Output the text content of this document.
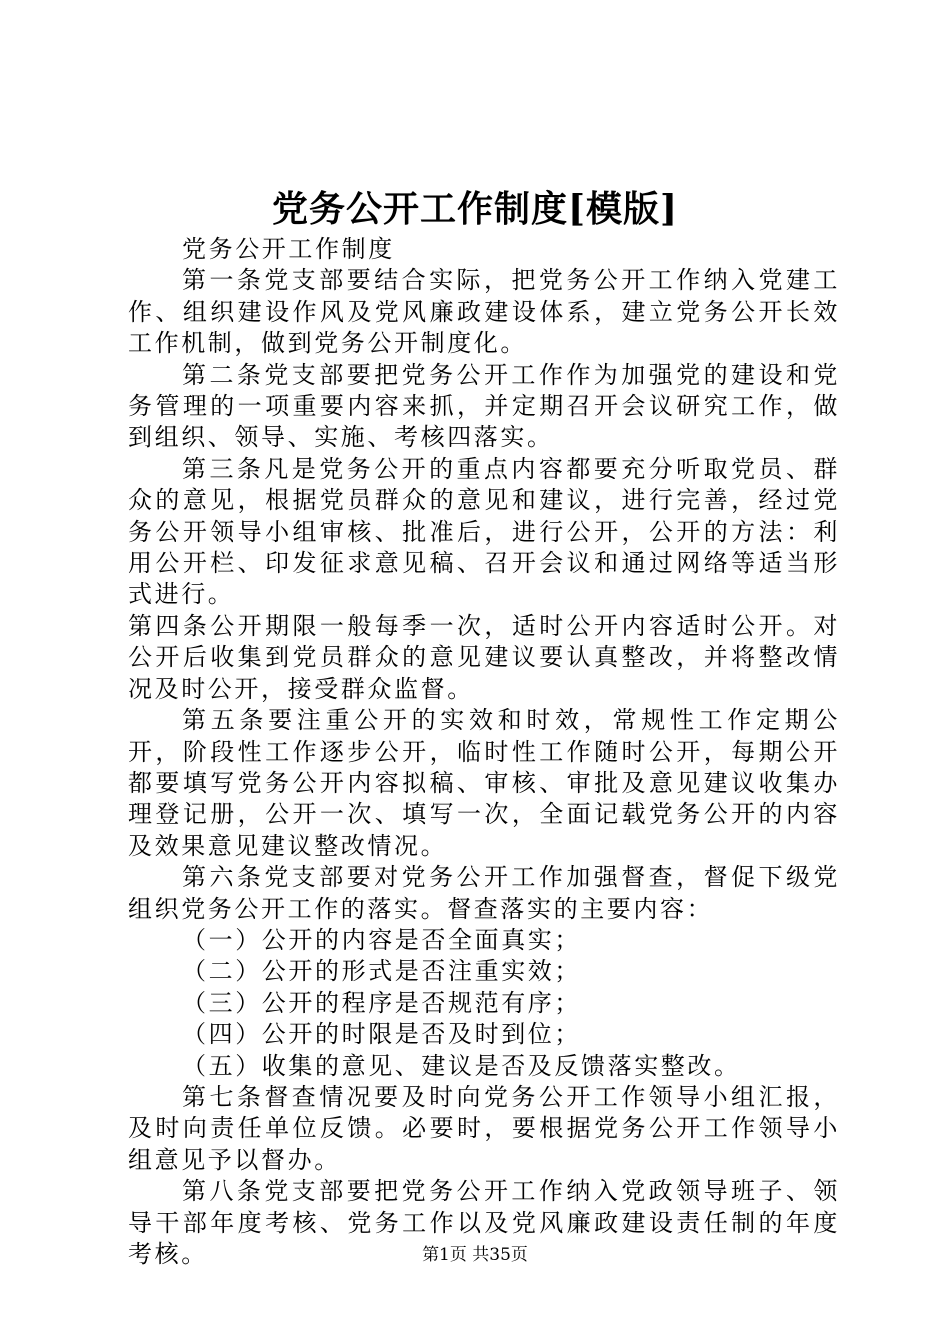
党务公开工作制度[模版]

党务公开工作制度

第一条党支部要结合实际，把党务公开工作纳入党建工作、组织建设作风及党风廉政建设体系，建立党务公开长效工作机制，做到党务公开制度化。

第二条党支部要把党务公开工作作为加强党的建设和党务管理的一项重要内容来抓，并定期召开会议研究工作，做到组织、领导、实施、考核四落实。

第三条凡是党务公开的重点内容都要充分听取党员、群众的意见，根据党员群众的意见和建议，进行完善，经过党务公开领导小组审核、批准后，进行公开，公开的方法：利用公开栏、印发征求意见稿、召开会议和通过网络等适当形式进行。

第四条公开期限一般每季一次，适时公开内容适时公开。对公开后收集到党员群众的意见建议要认真整改，并将整改情况及时公开，接受群众监督。

第五条要注重公开的实效和时效，常规性工作定期公开，阶段性工作逐步公开，临时性工作随时公开，每期公开都要填写党务公开内容拟稿、审核、审批及意见建议收集办理登记册，公开一次、填写一次，全面记载党务公开的内容及效果意见建议整改情况。

第六条党支部要对党务公开工作加强督查，督促下级党组织党务公开工作的落实。督查落实的主要内容：

（一）公开的内容是否全面真实；

（二）公开的形式是否注重实效；

（三）公开的程序是否规范有序；

（四）公开的时限是否及时到位；

（五）收集的意见、建议是否及反馈落实整改。

第七条督查情况要及时向党务公开工作领导小组汇报，及时向责任单位反馈。必要时，要根据党务公开工作领导小组意见予以督办。

第八条党支部要把党务公开工作纳入党政领导班子、领导干部年度考核、党务工作以及党风廉政建设责任制的年度考核。	第1页 共35页
